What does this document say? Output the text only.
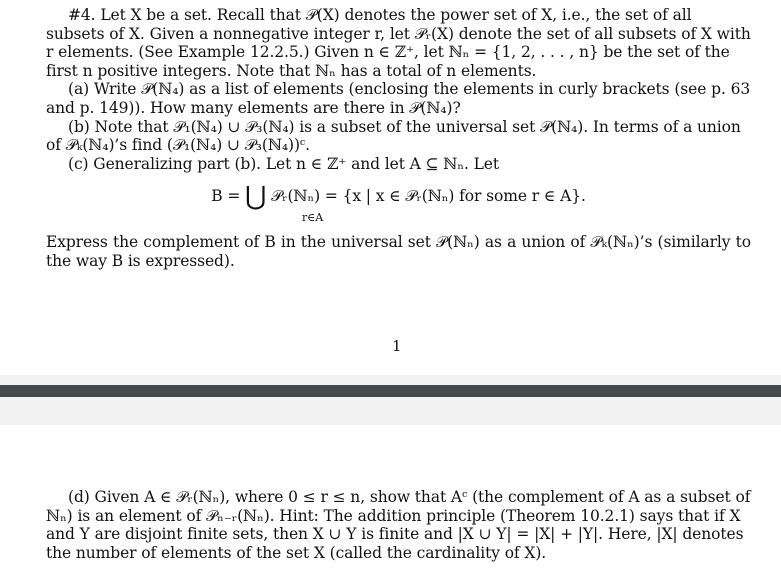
#4. Let X be a set. Recall that 𝒫(X) denotes the power set of X, i.e., the set of all subsets of X. Given a nonnegative integer r, let 𝒫ᵣ(X) denote the set of all subsets of X with r elements. (See Example 12.2.5.) Given n ∈ ℤ⁺, let ℕₙ = {1, 2, . . . , n} be the set of the first n positive integers. Note that ℕₙ has a total of n elements.

(a) Write 𝒫(ℕ₄) as a list of elements (enclosing the elements in curly brackets (see p. 63 and p. 149)). How many elements are there in 𝒫(ℕ₄)?

(b) Note that 𝒫₁(ℕ₄) ∪ 𝒫₃(ℕ₄) is a subset of the universal set 𝒫(ℕ₄). In terms of a union of 𝒫ₖ(ℕ₄)’s find (𝒫₁(ℕ₄) ∪ 𝒫₃(ℕ₄))ᶜ.

(c) Generalizing part (b). Let n ∈ ℤ⁺ and let A ⊆ ℕₙ. Let

B = ⋃ 𝒫ᵣ(ℕₙ) = {x | x ∈ 𝒫ᵣ(ℕₙ) for some r ∈ A}.
r∈A

Express the complement of B in the universal set 𝒫(ℕₙ) as a union of 𝒫ₖ(ℕₙ)’s (similarly to the way B is expressed).

1

(d) Given A ∈ 𝒫ᵣ(ℕₙ), where 0 ≤ r ≤ n, show that Aᶜ (the complement of A as a subset of ℕₙ) is an element of 𝒫ₙ₋ᵣ(ℕₙ). Hint: The addition principle (Theorem 10.2.1) says that if X and Y are disjoint finite sets, then X ∪ Y is finite and |X ∪ Y| = |X| + |Y|. Here, |X| denotes the number of elements of the set X (called the cardinality of X).
